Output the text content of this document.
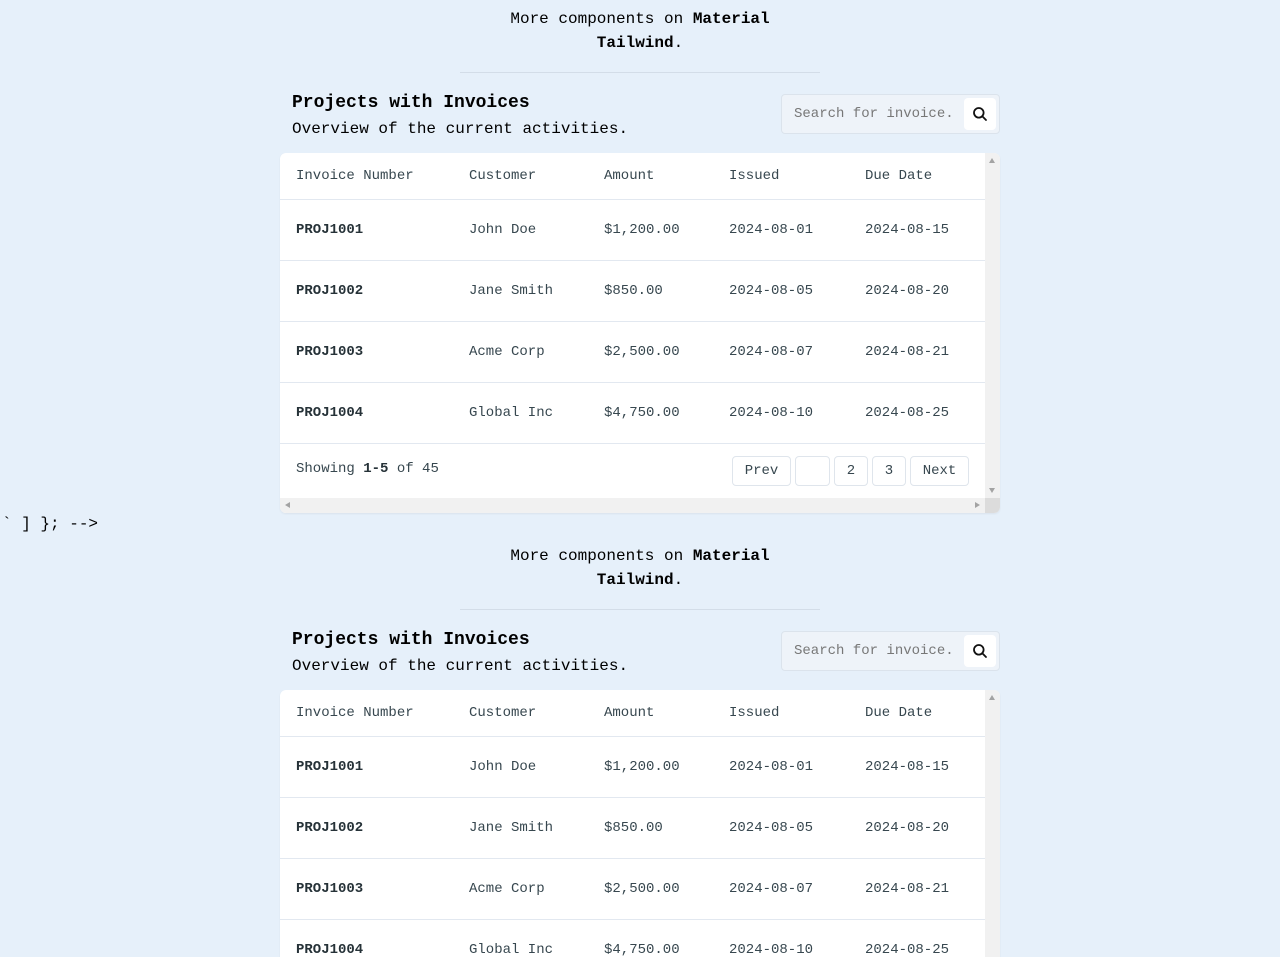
More components on Material
Tailwind.
Projects with Invoices
Overview of the current activities.
Search for invoice.
Invoice Number	Customer	Amount	Issued	Due Date
PROJ1001	John Doe	$1,200.00	2024-08-01	2024-08-15
PROJ1002	Jane Smith	$850.00	2024-08-05	2024-08-20
PROJ1003	Acme Corp	$2,500.00	2024-08-07	2024-08-21
PROJ1004	Global Inc	$4,750.00	2024-08-10	2024-08-25
Showing 1-5 of 45	Prev	2	3	Next
` ] }; -->
More components on Material
Tailwind.
Projects with Invoices
Overview of the current activities.
Search for invoice.
Invoice Number	Customer	Amount	Issued	Due Date
PROJ1001	John Doe	$1,200.00	2024-08-01	2024-08-15
PROJ1002	Jane Smith	$850.00	2024-08-05	2024-08-20
PROJ1003	Acme Corp	$2,500.00	2024-08-07	2024-08-21
PROJ1004	Global Inc	$4,750.00	2024-08-10	2024-08-25
